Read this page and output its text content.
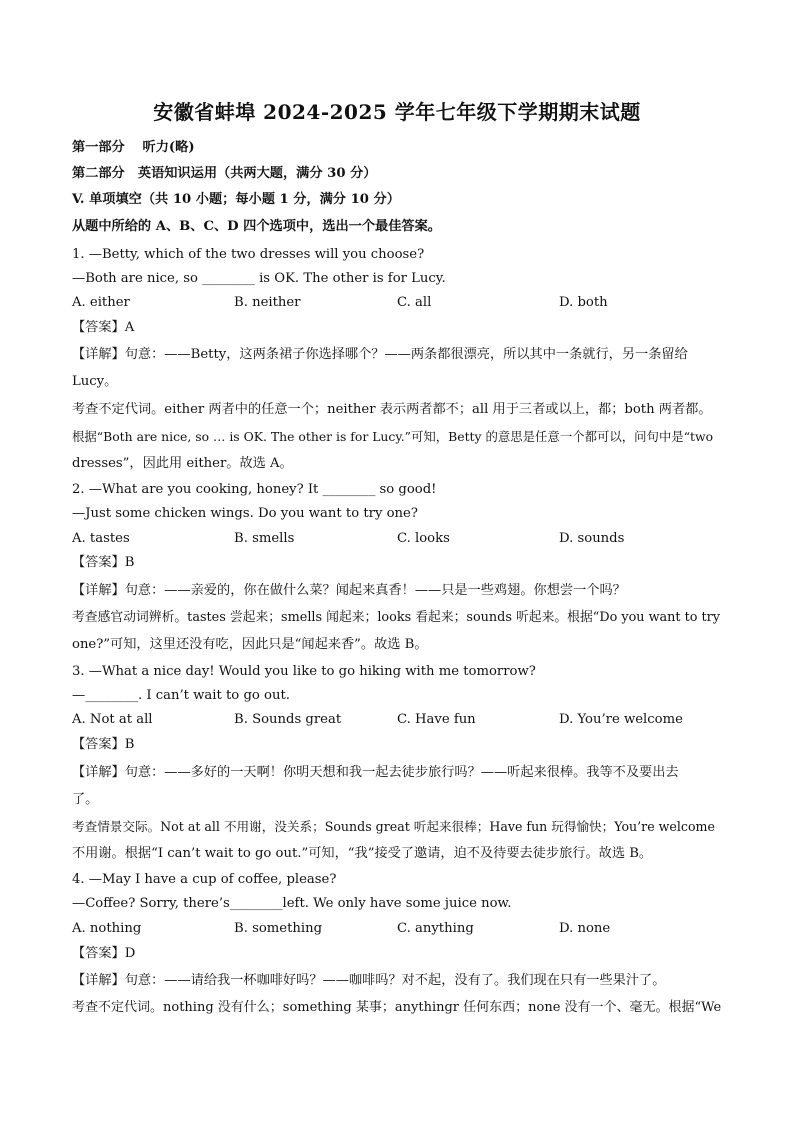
安徽省蚌埠 2024-2025 学年七年级下学期期末试题
第一部分　 听力(略)
第二部分　英语知识运用（共两大题，满分 30 分）
V. 单项填空（共 10 小题；每小题 1 分，满分 10 分）
从题中所给的 A、B、C、D 四个选项中，选出一个最佳答案。
1. —Betty, which of the two dresses will you choose?
—Both are nice, so ________ is OK. The other is for Lucy.
A. either	B. neither	C. all	D. both
【答案】A
【详解】句意：——Betty，这两条裙子你选择哪个？——两条都很漂亮，所以其中一条就行，另一条留给
Lucy。
考查不定代词。either 两者中的任意一个；neither 表示两者都不；all 用于三者或以上，都；both 两者都。
根据“Both are nice, so … is OK. The other is for Lucy.”可知，Betty 的意思是任意一个都可以，问句中是“two
dresses”，因此用 either。故选 A。
2. —What are you cooking, honey? It ________ so good!
—Just some chicken wings. Do you want to try one?
A. tastes	B. smells	C. looks	D. sounds
【答案】B
【详解】句意：——亲爱的，你在做什么菜？闻起来真香！——只是一些鸡翅。你想尝一个吗？
考查感官动词辨析。tastes 尝起来；smells 闻起来；looks 看起来；sounds 听起来。根据“Do you want to try
one?”可知，这里还没有吃，因此只是“闻起来香”。故选 B。
3. —What a nice day! Would you like to go hiking with me tomorrow?
—________. I can’t wait to go out.
A. Not at all	B. Sounds great	C. Have fun	D. You’re welcome
【答案】B
【详解】句意：——多好的一天啊！你明天想和我一起去徒步旅行吗？——听起来很棒。我等不及要出去
了。
考查情景交际。Not at all 不用谢，没关系；Sounds great 听起来很棒；Have fun 玩得愉快；You’re welcome
不用谢。根据“I can’t wait to go out.”可知，“我”接受了邀请，迫不及待要去徒步旅行。故选 B。
4. —May I have a cup of coffee, please?
—Coffee? Sorry, there’s________left. We only have some juice now.
A. nothing	B. something	C. anything	D. none
【答案】D
【详解】句意：——请给我一杯咖啡好吗？——咖啡吗？对不起，没有了。我们现在只有一些果汁了。
考查不定代词。nothing 没有什么；something 某事；anythingr 任何东西；none 没有一个、毫无。根据“We
